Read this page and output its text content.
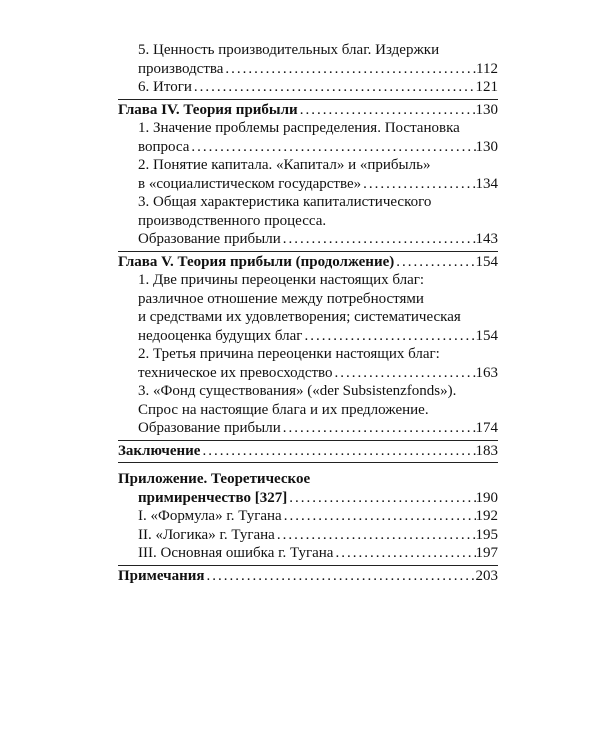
5. Ценность производительных благ. Издержки
производства .....	112
6. Итоги .....	121
Глава IV. Теория прибыли .....	130
1. Значение проблемы распределения. Постановка
вопроса .....	130
2. Понятие капитала. «Капитал» и «прибыль»
в «социалистическом государстве» .....	134
3. Общая характеристика капиталистического
производственного процесса.
Образование прибыли .....	143
Глава V. Теория прибыли (продолжение) .....	154
1. Две причины переоценки настоящих благ:
различное отношение между потребностями
и средствами их удовлетворения; систематическая
недооценка будущих благ .....	154
2. Третья причина переоценки настоящих благ:
техническое их превосходство .....	163
3. «Фонд существования» («der Subsistenzfonds»).
Спрос на настоящие блага и их предложение.
Образование прибыли .....	174
Заключение .....	183
Приложение. Теоретическое
примиренчество [327] .....	190
I. «Формула» г. Тугана .....	192
II. «Логика» г. Тугана .....	195
III. Основная ошибка г. Тугана .....	197
Примечания .....	203
